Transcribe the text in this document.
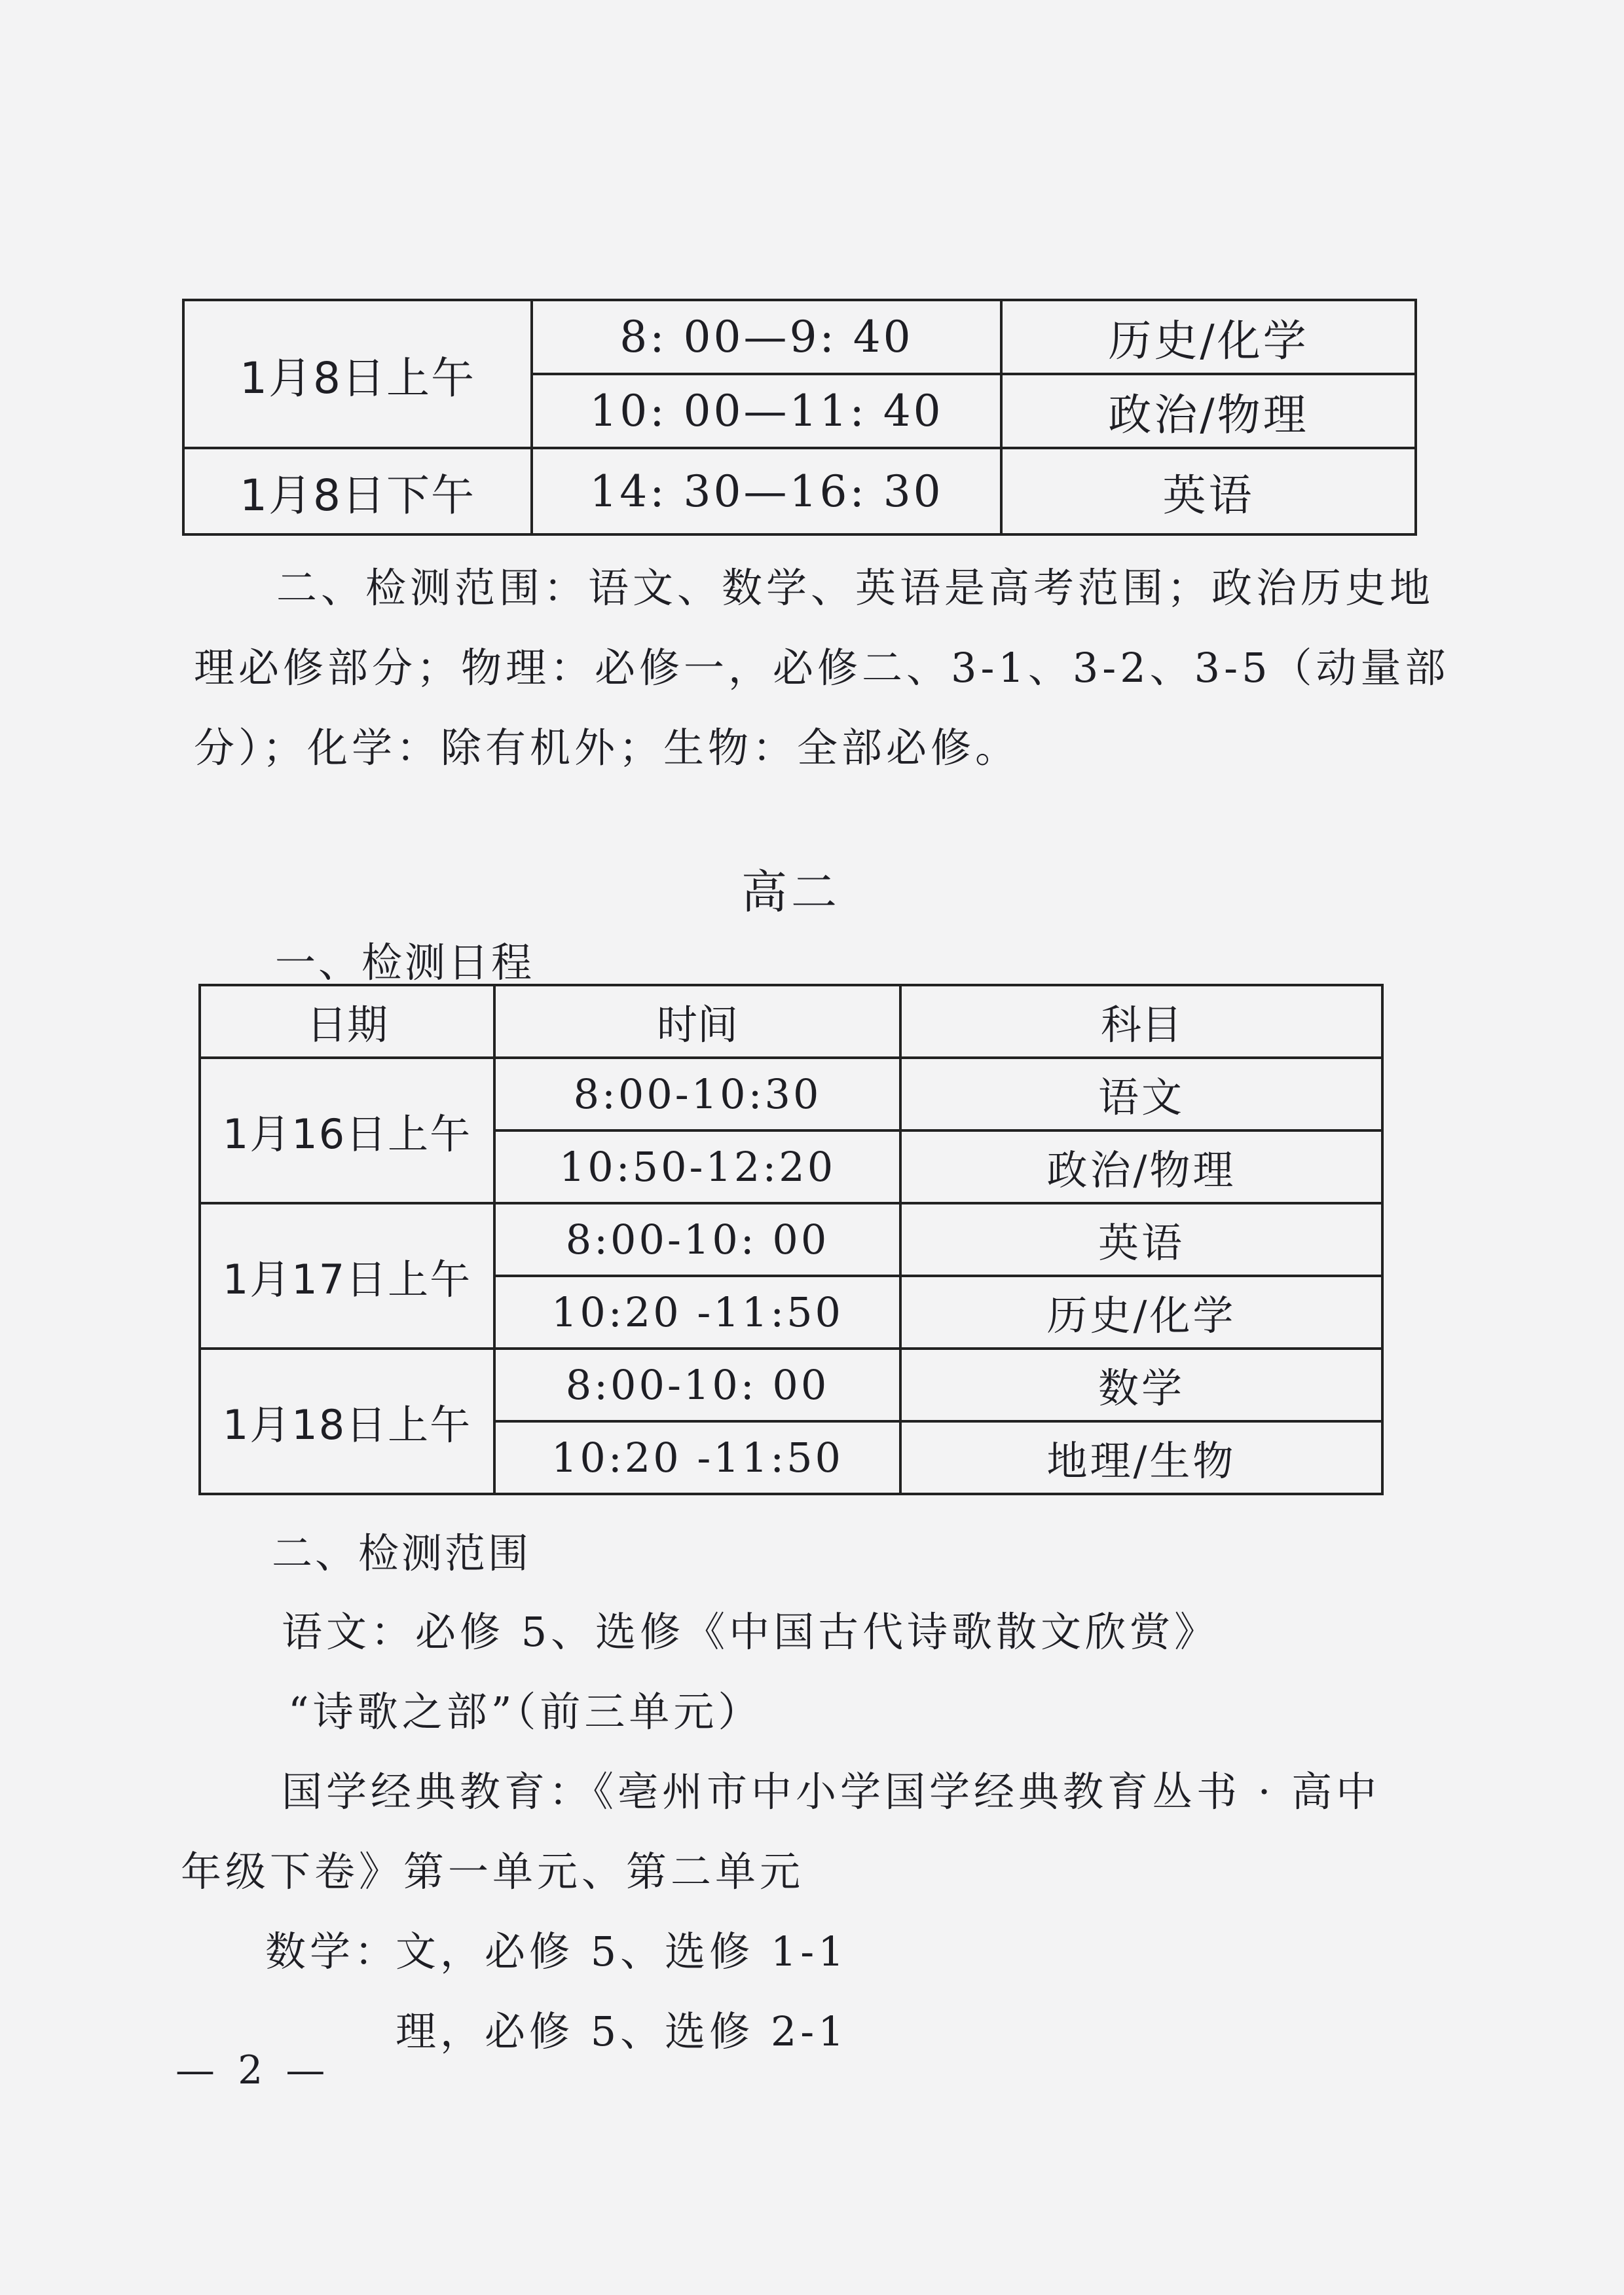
1月8日上午	8: 00—9: 40	历史/化学
	10: 00—11: 40	政治/物理
1月8日下午	14: 30—16: 30	英语
二、检测范围：语文、数学、英语是高考范围；政治历史地
理必修部分；物理：必修一，必修二、3-1、3-2、3-5（动量部
分）；化学：除有机外；生物：全部必修。
高二
一、检测日程
日期	时间	科目
1月16日上午	8:00-10:30	语文
	10:50-12:20	政治/物理
1月17日上午	8:00-10: 00	英语
	10:20 -11:50	历史/化学
1月18日上午	8:00-10: 00	数学
	10:20 -11:50	地理/生物
二、检测范围
语文：必修 5、选修《中国古代诗歌散文欣赏》
“诗歌之部”（前三单元）
国学经典教育：《亳州市中小学国学经典教育丛书 · 高中
年级下卷》第一单元、第二单元
数学：
文，必修 5、选修 1-1
理，必修 5、选修 2-1
— 2 —
